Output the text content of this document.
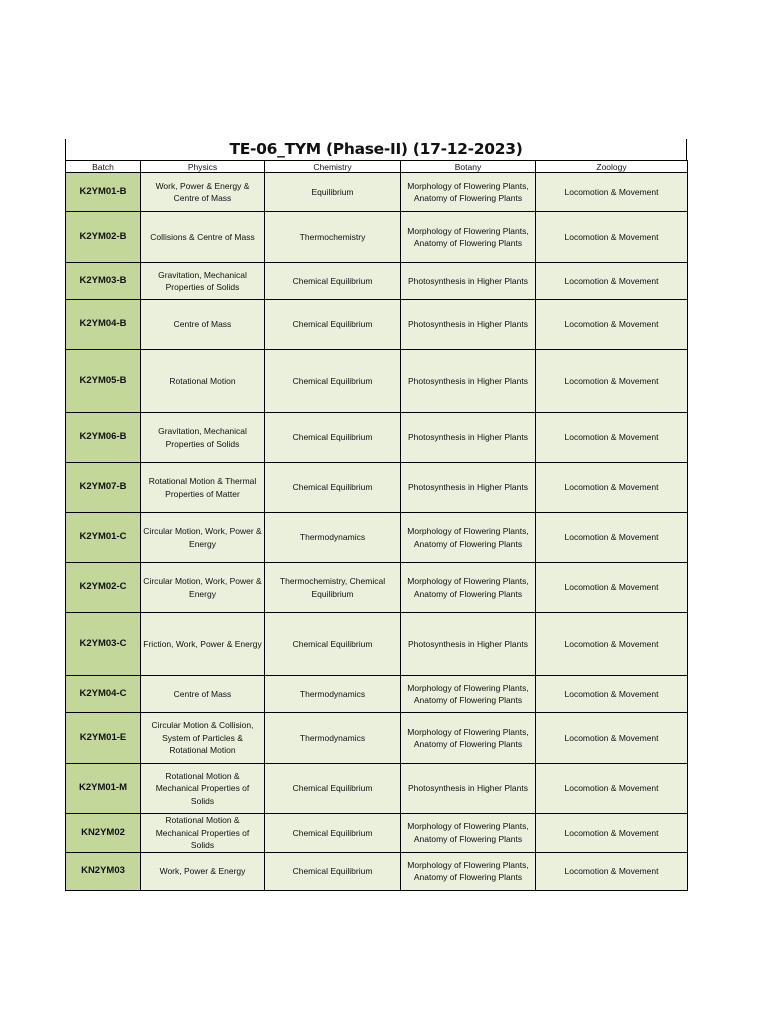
TE-06_TYM (Phase-II) (17-12-2023)
Batch	Physics	Chemistry	Botany	Zoology
K2YM01-B	Work, Power & Energy & Centre of Mass	Equilibrium	Morphology of Flowering Plants, Anatomy of Flowering Plants	Locomotion & Movement
K2YM02-B	Collisions & Centre of Mass	Thermochemistry	Morphology of Flowering Plants, Anatomy of Flowering Plants	Locomotion & Movement
K2YM03-B	Gravitation, Mechanical Properties of Solids	Chemical Equilibrium	Photosynthesis in Higher Plants	Locomotion & Movement
K2YM04-B	Centre of Mass	Chemical Equilibrium	Photosynthesis in Higher Plants	Locomotion & Movement
K2YM05-B	Rotational Motion	Chemical Equilibrium	Photosynthesis in Higher Plants	Locomotion & Movement
K2YM06-B	Gravitation, Mechanical Properties of Solids	Chemical Equilibrium	Photosynthesis in Higher Plants	Locomotion & Movement
K2YM07-B	Rotational Motion & Thermal Properties of Matter	Chemical Equilibrium	Photosynthesis in Higher Plants	Locomotion & Movement
K2YM01-C	Circular Motion, Work, Power & Energy	Thermodynamics	Morphology of Flowering Plants, Anatomy of Flowering Plants	Locomotion & Movement
K2YM02-C	Circular Motion, Work, Power & Energy	Thermochemistry, Chemical Equilibrium	Morphology of Flowering Plants, Anatomy of Flowering Plants	Locomotion & Movement
K2YM03-C	Friction, Work, Power & Energy	Chemical Equilibrium	Photosynthesis in Higher Plants	Locomotion & Movement
K2YM04-C	Centre of Mass	Thermodynamics	Morphology of Flowering Plants, Anatomy of Flowering Plants	Locomotion & Movement
K2YM01-E	Circular Motion & Collision, System of Particles & Rotational Motion	Thermodynamics	Morphology of Flowering Plants, Anatomy of Flowering Plants	Locomotion & Movement
K2YM01-M	Rotational Motion & Mechanical Properties of Solids	Chemical Equilibrium	Photosynthesis in Higher Plants	Locomotion & Movement
KN2YM02	Rotational Motion & Mechanical Properties of Solids	Chemical Equilibrium	Morphology of Flowering Plants, Anatomy of Flowering Plants	Locomotion & Movement
KN2YM03	Work, Power & Energy	Chemical Equilibrium	Morphology of Flowering Plants, Anatomy of Flowering Plants	Locomotion & Movement
